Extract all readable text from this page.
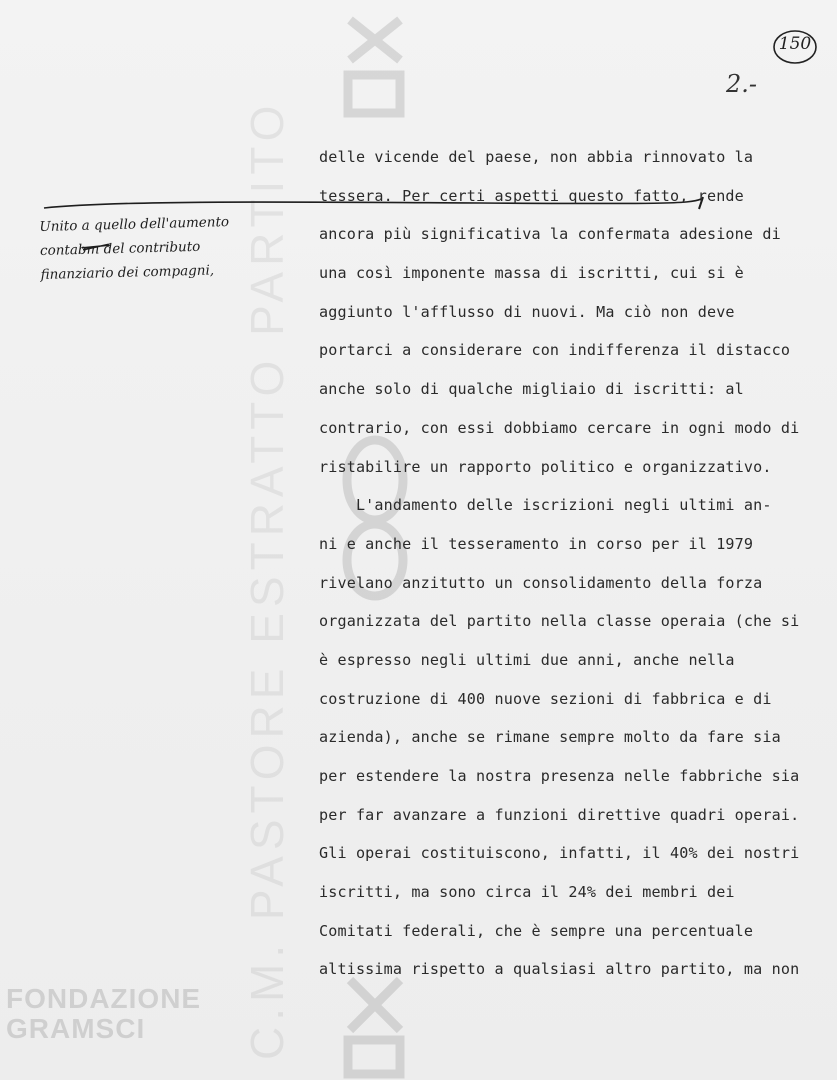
C.M. PASTORE ESTRATTO PARTITO
FONDAZIONE
GRAMSCI
150
2.-
Unito a quello dell'aumento
contabm del contributo
finanziario dei compagni,
delle vicende del paese, non abbia rinnovato la
tessera. Per certi aspetti questo fatto, rende
ancora più significativa la confermata adesione di
una così imponente massa di iscritti, cui si è
aggiunto l'afflusso di nuovi. Ma ciò non deve
portarci a considerare con indifferenza il distacco
anche solo di qualche migliaio di iscritti: al
contrario, con essi dobbiamo cercare in ogni modo di
ristabilire un rapporto politico e organizzativo.
L'andamento delle iscrizioni negli ultimi an-
ni e anche il tesseramento in corso per il 1979
rivelano anzitutto un consolidamento della forza
organizzata del partito nella classe operaia (che si
è espresso negli ultimi due anni, anche nella
costruzione di 400 nuove sezioni di fabbrica e di
azienda), anche se rimane sempre molto da fare sia
per estendere la nostra presenza nelle fabbriche sia
per far avanzare a funzioni direttive quadri operai.
Gli operai costituiscono, infatti, il 40% dei nostri
iscritti, ma sono circa il 24% dei membri dei
Comitati federali, che è sempre una percentuale
altissima rispetto a qualsiasi altro partito, ma non
